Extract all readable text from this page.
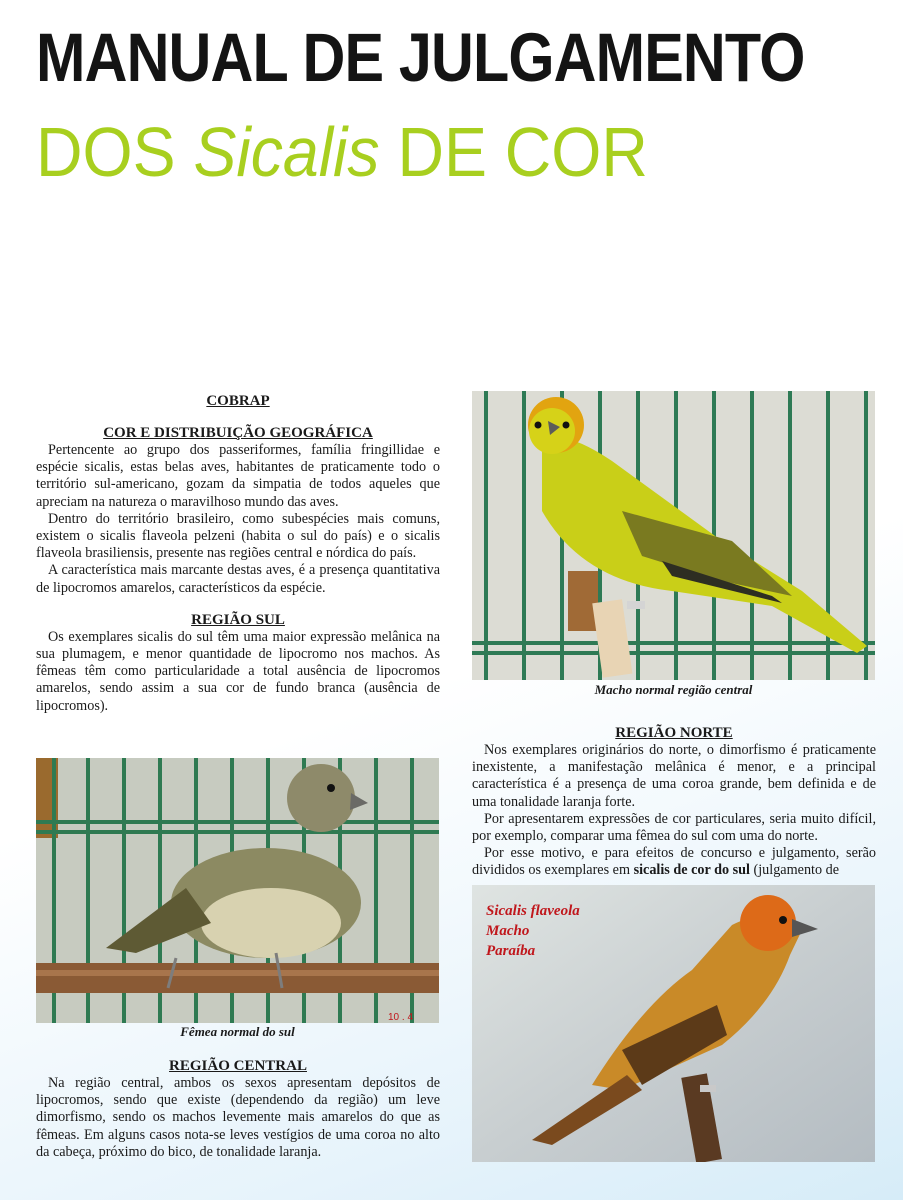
MANUAL DE JULGAMENTO
DOS Sicalis DE COR
COBRAP
COR E DISTRIBUIÇÃO GEOGRÁFICA

Pertencente ao grupo dos passeriformes, família fringillidae e espécie sicalis, estas belas aves, habitantes de praticamente todo o território sul-americano, gozam da simpatia de todos aqueles que apreciam na natureza o maravilhoso mundo das aves.

Dentro do território brasileiro, como subespécies mais comuns, existem o sicalis flaveola pelzeni (habita o sul do país) e o sicalis flaveola brasiliensis, presente nas regiões central e nórdica do país.

A característica mais marcante destas aves, é a presença quantitativa de lipocromos amarelos, característicos da espécie.

REGIÃO SUL

Os exemplares sicalis do sul têm uma maior expressão melânica na sua plumagem, e menor quantidade de lipocromo nos machos. As fêmeas têm como particularidade a total ausência de lipocromos amarelos, sendo assim a sua cor de fundo branca (ausência de lipocromos).

10 . 4
Fêmea normal do sul
REGIÃO CENTRAL

Na região central, ambos os sexos apresentam depósitos de lipocromos, sendo que existe (dependendo da região) um leve dimorfismo, sendo os machos levemente mais amarelos do que as fêmeas. Em alguns casos nota-se leves vestígios de uma coroa no alto da cabeça, próximo do bico, de tonalidade laranja.

Macho normal região central
REGIÃO NORTE

Nos exemplares originários do norte, o dimorfismo é praticamente inexistente, a manifestação melânica é menor, e a principal característica é a presença de uma coroa grande, bem definida e de uma tonalidade laranja forte.

Por apresentarem expressões de cor particulares, seria muito difícil, por exemplo, comparar uma fêmea do sul com uma do norte.

Por esse motivo, e para efeitos de concurso e julgamento, serão divididos os exemplares em sicalis de cor do sul (julgamento de

Sicalis flaveola
Macho
Paraíba
